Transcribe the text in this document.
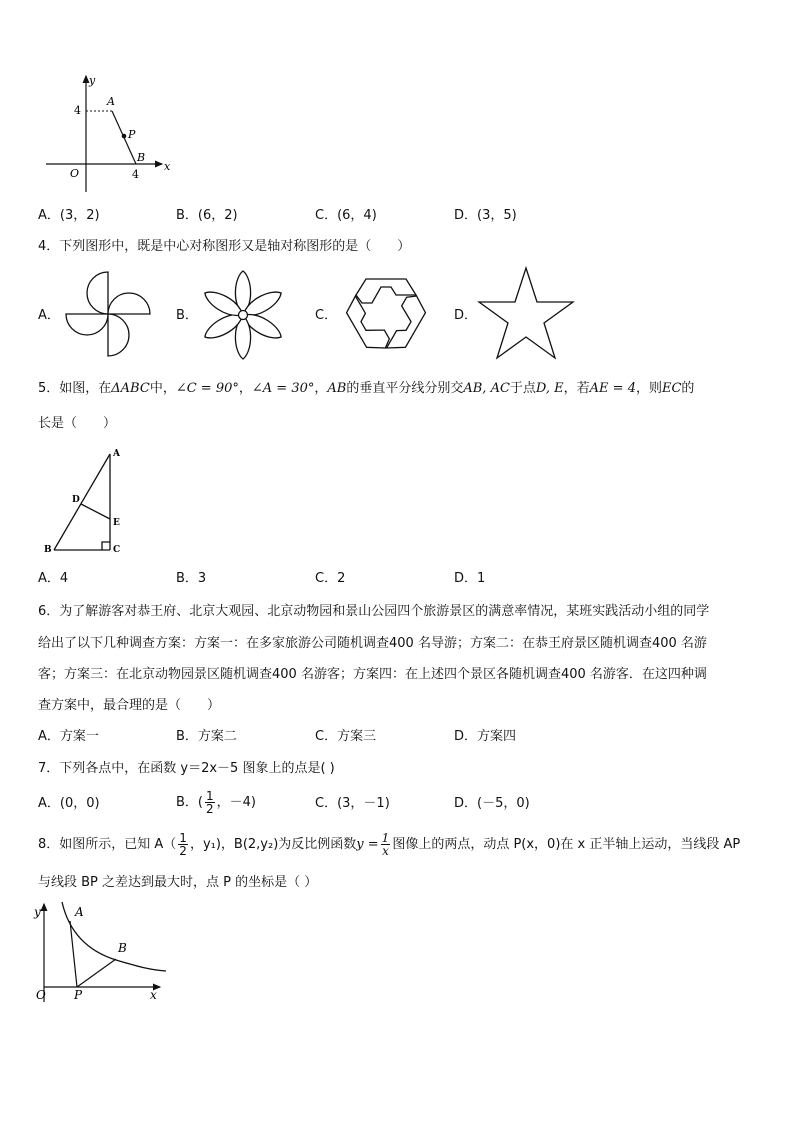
y
x
O
4
4
A
P
B
A．(3，2)	B．(6，2)	C．(6，4)	D．(3，5)
4．下列图形中，既是中心对称图形又是轴对称图形的是（　　）
A．	B．	C．	D．
5．如图，在ΔABC中，∠C = 90°，∠A = 30°，AB的垂直平分线分别交AB, AC于点D, E，若AE = 4，则EC的
长是（　　）
A
D
E
B	C
A．4	B．3	C．2	D．1
6．为了解游客对恭王府、北京大观园、北京动物园和景山公园四个旅游景区的满意率情况，某班实践活动小组的同学
给出了以下几种调查方案：方案一：在多家旅游公司随机调查400 名导游；方案二：在恭王府景区随机调查400 名游
客；方案三：在北京动物园景区随机调查400 名游客；方案四：在上述四个景区各随机调查400 名游客．在这四种调
查方案中，最合理的是（　　）
A．方案一	B．方案二	C．方案三	D．方案四
7．下列各点中，在函数 y＝2x－5 图象上的点是( )
A．(0，0)	B．( $\frac{1}{2}$ ，－4)	C．(3，－1)	D．(－5，0)
8．如图所示，已知 $A( \frac{1}{2}$ ，y₁)，B(2,y₂)为反比例函数$y = \frac{1}{x}$ 图像上的两点，动点 P(x，0)在 x 正半轴上运动，当线段 AP
与线段 BP 之差达到最大时，点 P 的坐标是（ ）
y	A
B
O P	x
